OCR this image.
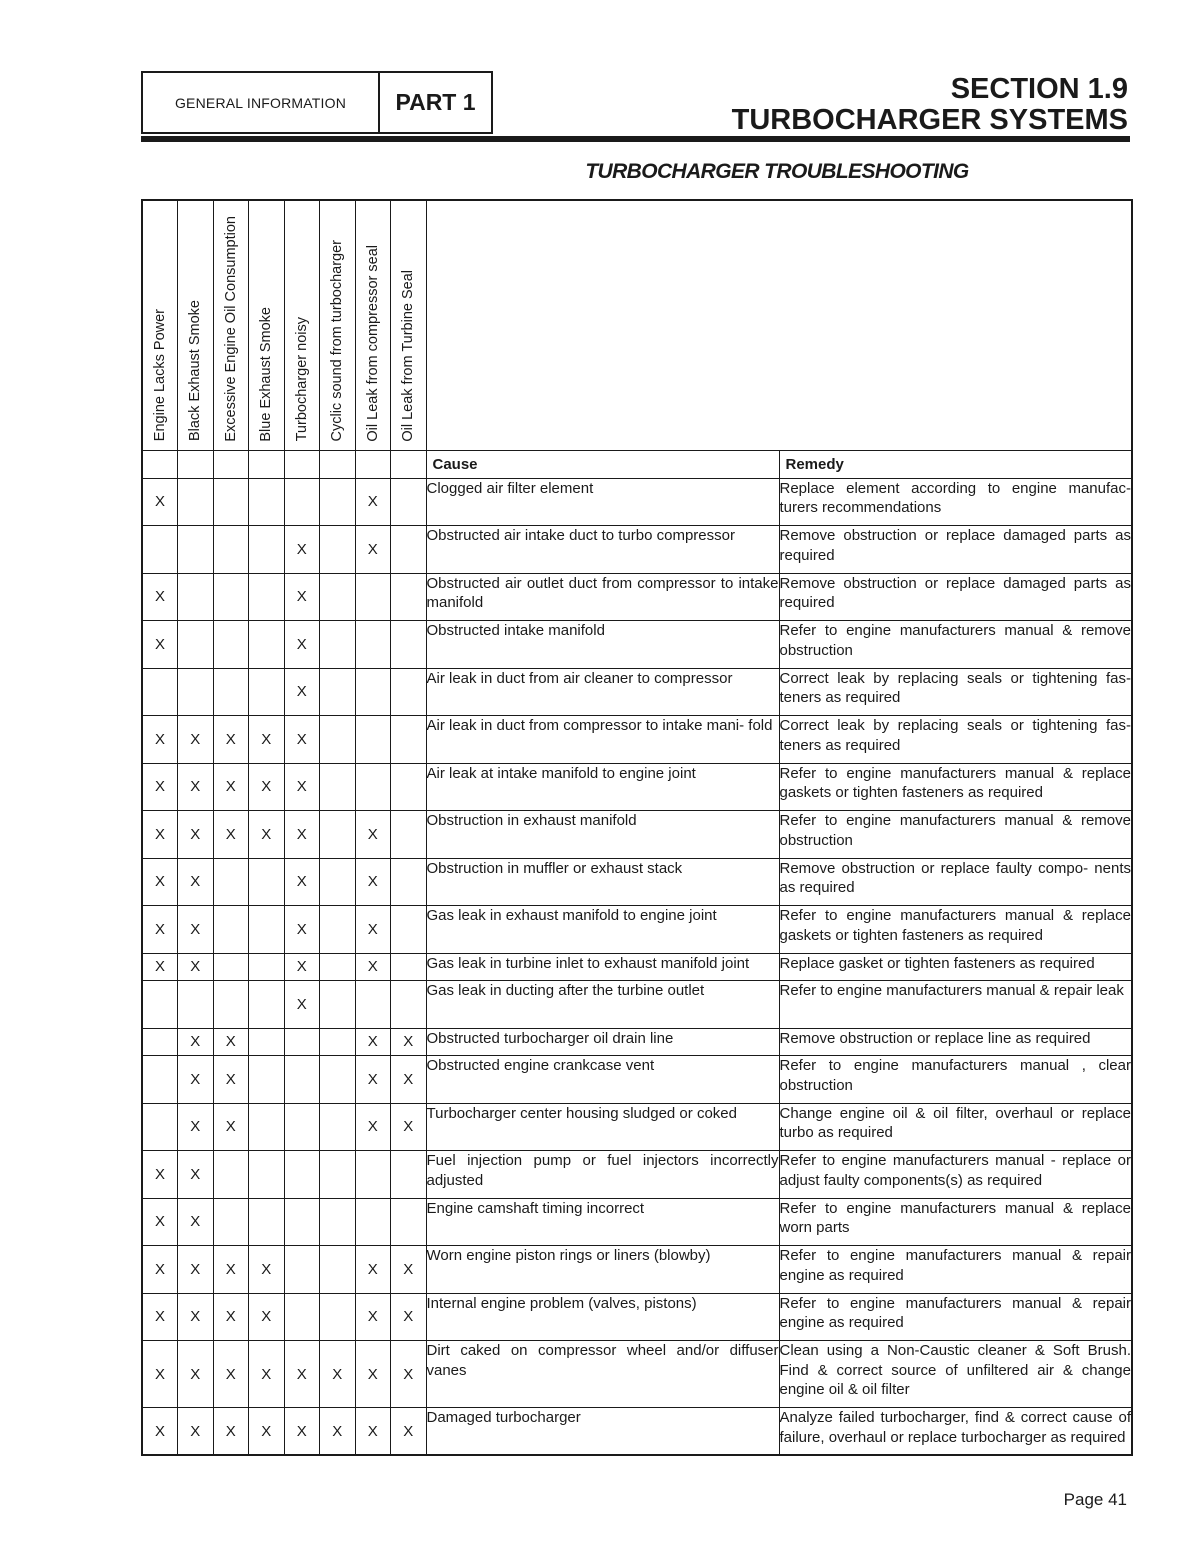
GENERAL INFORMATION	PART 1	SECTION 1.9
TURBOCHARGER SYSTEMS
TURBOCHARGER TROUBLESHOOTING
Engine Lacks Power	Black Exhaust Smoke	Excessive Engine Oil Consumption	Blue Exhaust Smoke	Turbocharger noisy	Cyclic sound from turbocharger	Oil Leak from compressor seal	Oil Leak from Turbine Seal		

								Cause	Remedy
X						X		Clogged air filter element	Replace element according to engine manufac- turers recommendations
				X		X		Obstructed air intake duct to turbo compressor	Remove obstruction or replace damaged parts as required
X				X				Obstructed air outlet duct from compressor to intake manifold	Remove obstruction or replace damaged parts as required
X				X				Obstructed intake manifold	Refer to engine manufacturers manual & remove obstruction
				X				Air leak in duct from air cleaner to compressor	Correct leak by replacing seals or tightening fas- teners as required
X	X	X	X	X				Air leak in duct from compressor to intake mani- fold	Correct leak by replacing seals or tightening fas- teners as required
X	X	X	X	X				Air leak at intake manifold to engine joint	Refer to engine manufacturers manual & replace gaskets or tighten fasteners as required
X	X	X	X	X		X		Obstruction in exhaust manifold	Refer to engine manufacturers manual & remove obstruction
X	X			X		X		Obstruction in muffler or exhaust stack	Remove obstruction or replace faulty compo- nents as required
X	X			X		X		Gas leak in exhaust manifold to engine joint	Refer to engine manufacturers manual & replace gaskets or tighten fasteners as required
X	X			X		X		Gas leak in turbine inlet to exhaust manifold joint	Replace gasket or tighten fasteners as required
				X				Gas leak in ducting after the turbine outlet	Refer to engine manufacturers manual & repair leak
	X	X				X	X	Obstructed turbocharger oil drain line	Remove obstruction or replace line as required
	X	X				X	X	Obstructed engine crankcase vent	Refer to engine manufacturers manual , clear obstruction
	X	X				X	X	Turbocharger center housing sludged or coked	Change engine oil & oil filter, overhaul or replace turbo as required
X	X							Fuel injection pump or fuel injectors incorrectly adjusted	Refer to engine manufacturers manual - replace or adjust faulty components(s) as required
X	X							Engine camshaft timing incorrect	Refer to engine manufacturers manual & replace worn parts
X	X	X	X			X	X	Worn engine piston rings or liners (blowby)	Refer to engine manufacturers manual & repair engine as required
X	X	X	X			X	X	Internal engine problem (valves, pistons)	Refer to engine manufacturers manual & repair engine as required
X	X	X	X	X	X	X	X	Dirt caked on compressor wheel and/or diffuser vanes	Clean using a Non-Caustic cleaner & Soft Brush. Find & correct source of unfiltered air & change engine oil & oil filter
X	X	X	X	X	X	X	X	Damaged turbocharger	Analyze failed turbocharger, find & correct cause of failure, overhaul or replace turbocharger as required
Page 41
